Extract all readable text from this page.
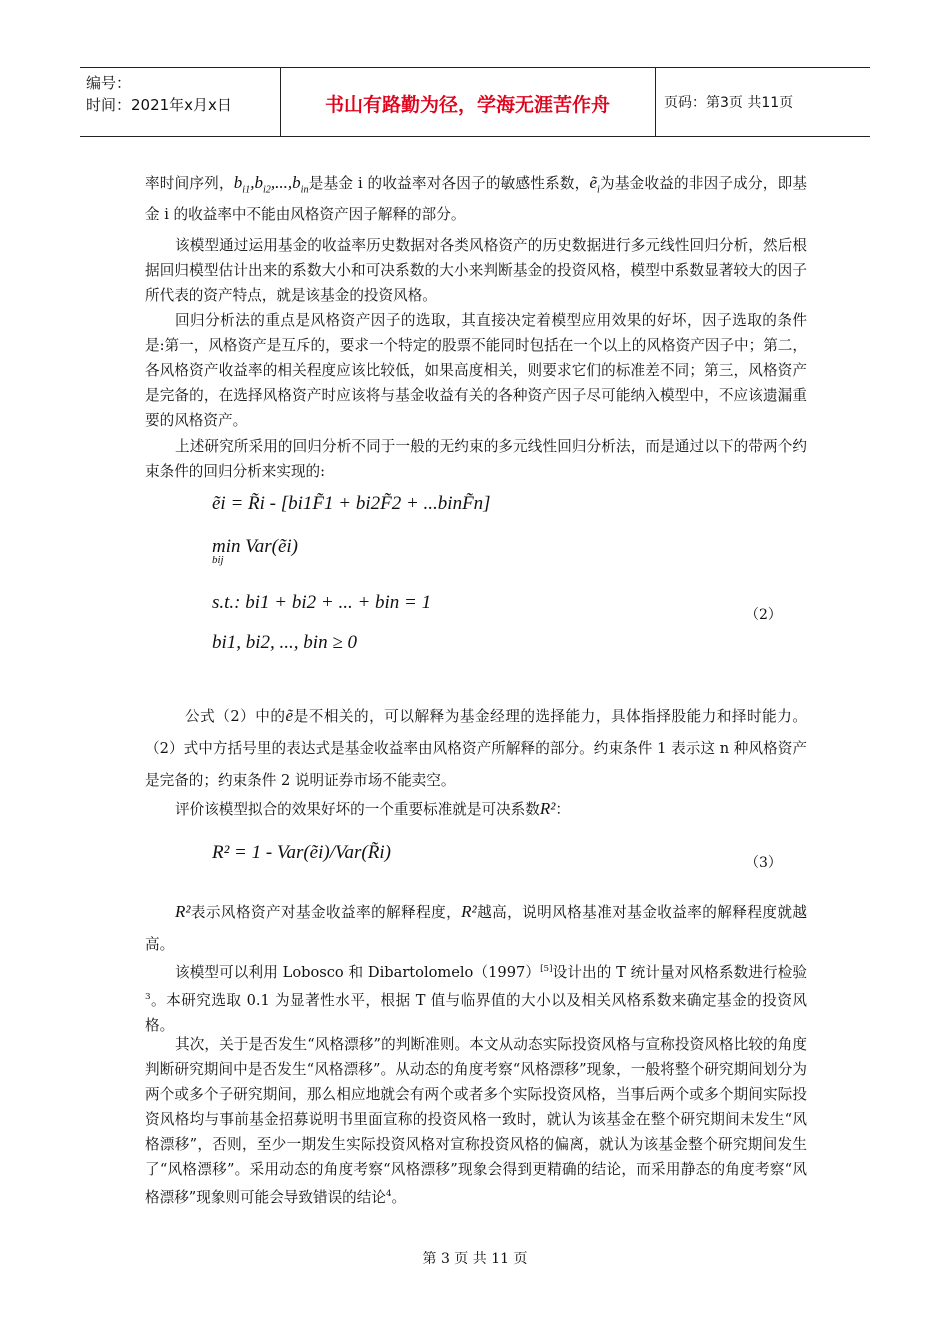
编号：
时间：2021年x月x日	书山有路勤为径，学海无涯苦作舟	页码：第3页 共11页

率时间序列，$b_{i1},b_{i2},...,b_{in}$是基金 i 的收益率对各因子的敏感性系数，ẽ$_i$为基金收益的非因子成分，即基金 i 的收益率中不能由风格资产因子解释的部分。

该模型通过运用基金的收益率历史数据对各类风格资产的历史数据进行多元线性回归分析，然后根据回归模型估计出来的系数大小和可决系数的大小来判断基金的投资风格，模型中系数显著较大的因子所代表的资产特点，就是该基金的投资风格。

回归分析法的重点是风格资产因子的选取，其直接决定着模型应用效果的好坏，因子选取的条件是:第一，风格资产是互斥的，要求一个特定的股票不能同时包括在一个以上的风格资产因子中；第二，各风格资产收益率的相关程度应该比较低，如果高度相关，则要求它们的标准差不同；第三，风格资产是完备的，在选择风格资产时应该将与基金收益有关的各种资产因子尽可能纳入模型中，不应该遗漏重要的风格资产。

上述研究所采用的回归分析不同于一般的无约束的多元线性回归分析法，而是通过以下的带两个约束条件的回归分析来实现的:

ẽi = R̃i - [bi1F̃1 + bi2F̃2 + ...binF̃n]
min Var(ẽi)
bij
s.t.: bi1 + bi2 + ... + bin = 1
bi1, bi2, ..., bin ≥ 0
（2）

公式（2）中的ẽ是不相关的，可以解释为基金经理的选择能力，具体指择股能力和择时能力。（2）式中方括号里的表达式是基金收益率由风格资产所解释的部分。约束条件 1 表示这 n 种风格资产是完备的；约束条件 2 说明证券市场不能卖空。

评价该模型拟合的效果好坏的一个重要标准就是可决系数R²：

R² = 1 - Var(ẽi)/Var(R̃i)	（3）

R²表示风格资产对基金收益率的解释程度，R²越高，说明风格基准对基金收益率的解释程度就越高。

该模型可以利用 Lobosco 和 Dibartolomelo（1997）[5]设计出的 T 统计量对风格系数进行检验$^3$。本研究选取 0.1 为显著性水平，根据 T 值与临界值的大小以及相关风格系数来确定基金的投资风格。

其次，关于是否发生“风格漂移”的判断准则。本文从动态实际投资风格与宣称投资风格比较的角度判断研究期间中是否发生“风格漂移”。从动态的角度考察“风格漂移”现象，一般将整个研究期间划分为两个或多个子研究期间，那么相应地就会有两个或者多个实际投资风格，当事后两个或多个期间实际投资风格均与事前基金招募说明书里面宣称的投资风格一致时，就认为该基金在整个研究期间未发生“风格漂移”，否则，至少一期发生实际投资风格对宣称投资风格的偏离，就认为该基金整个研究期间发生了“风格漂移”。采用动态的角度考察“风格漂移”现象会得到更精确的结论，而采用静态的角度考察“风格漂移”现象则可能会导致错误的结论$^4$。

第 3 页 共 11 页
